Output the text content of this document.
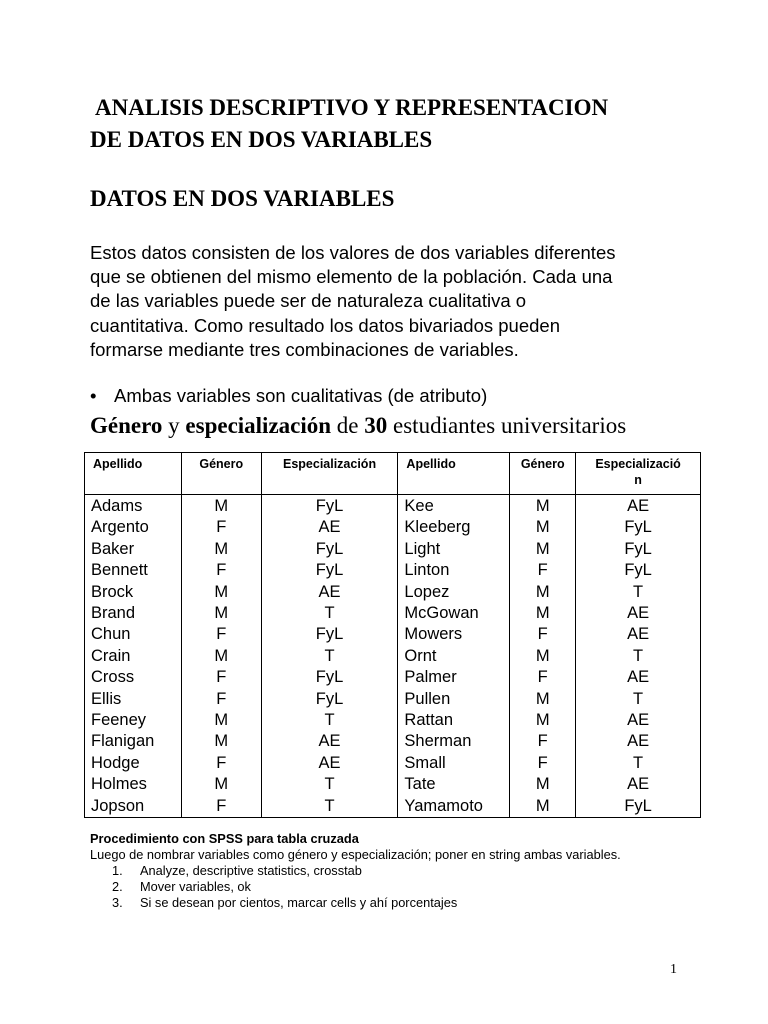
ANALISIS DESCRIPTIVO Y REPRESENTACION
DE DATOS EN DOS VARIABLES
DATOS EN DOS VARIABLES

Estos datos consisten de los valores de dos variables diferentes
que se obtienen del mismo elemento de la población. Cada una
de las variables puede ser de naturaleza cualitativa o
cuantitativa. Como resultado los datos bivariados pueden
formarse mediante tres combinaciones de variables.

• Ambas variables son cualitativas (de atributo)
Género y especialización de 30 estudiantes universitarios
Apellido	Género	Especialización	Apellido	Género	Especializació
n
Adams	M	FyL	Kee	M	AE
Argento	F	AE	Kleeberg	M	FyL
Baker	M	FyL	Light	M	FyL
Bennett	F	FyL	Linton	F	FyL
Brock	M	AE	Lopez	M	T
Brand	M	T	McGowan	M	AE
Chun	F	FyL	Mowers	F	AE
Crain	M	T	Ornt	M	T
Cross	F	FyL	Palmer	F	AE
Ellis	F	FyL	Pullen	M	T
Feeney	M	T	Rattan	M	AE
Flanigan	M	AE	Sherman	F	AE
Hodge	F	AE	Small	F	T
Holmes	M	T	Tate	M	AE
Jopson	F	T	Yamamoto	M	FyL
Procedimiento con SPSS para tabla cruzada
Luego de nombrar variables como género y especialización; poner en string ambas variables.
1. Analyze, descriptive statistics, crosstab
2. Mover variables, ok
3. Si se desean por cientos, marcar cells y ahí porcentajes
1
